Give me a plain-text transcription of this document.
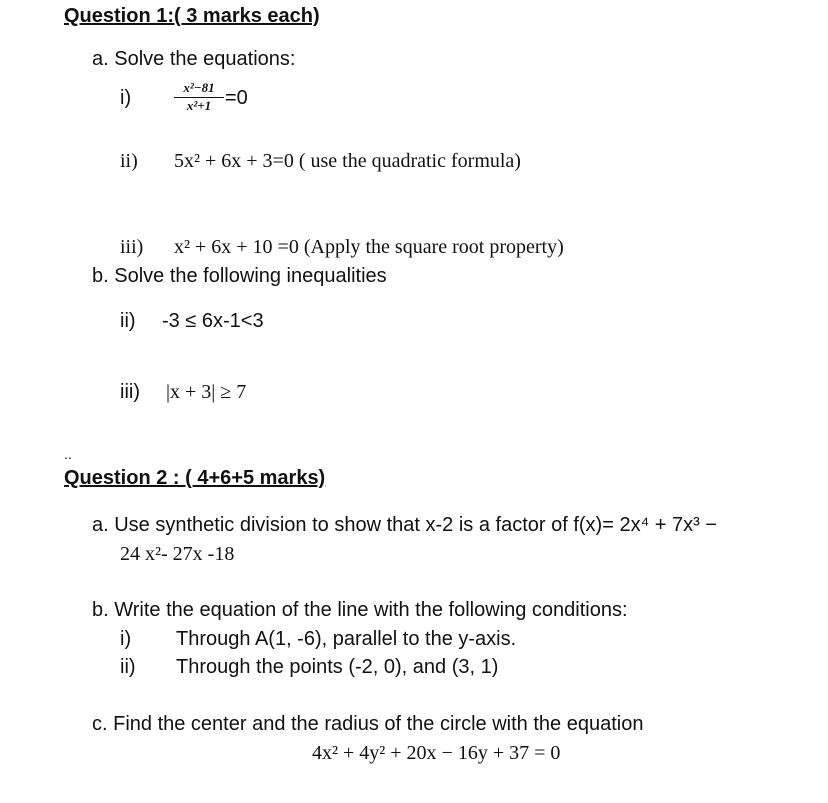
Question 1:( 3 marks each)
a. Solve the equations:
i)	x²−81
x²+1 =0
ii) 5x² + 6x + 3=0 ( use the quadratic formula)
iii) x² + 6x + 10 =0 (Apply the square root property)
b. Solve the following inequalities
ii) -3 ≤ 6x-1<3
iii) |x + 3| ≥ 7
..
Question 2 : ( 4+6+5 marks)
a. Use synthetic division to show that x-2 is a factor of f(x)= 2x⁴ + 7x³ −
24 x²- 27x -18
b. Write the equation of the line with the following conditions:
i) Through A(1, -6), parallel to the y-axis.
ii) Through the points (-2, 0), and (3, 1)
c. Find the center and the radius of the circle with the equation
4x² + 4y² + 20x − 16y + 37 = 0
